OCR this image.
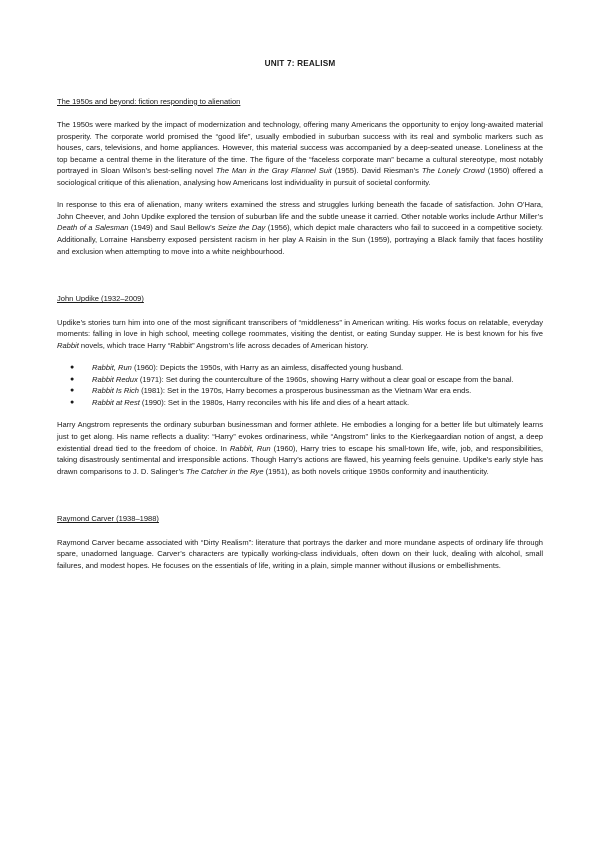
UNIT 7: REALISM
The 1950s and beyond: fiction responding to alienation

The 1950s were marked by the impact of modernization and technology, offering many Americans the opportunity to enjoy long-awaited material prosperity. The corporate world promised the “good life”, usually embodied in suburban success with its real and symbolic markers such as houses, cars, televisions, and home appliances. However, this material success was accompanied by a deep-seated unease. Loneliness at the top became a central theme in the literature of the time. The figure of the “faceless corporate man” became a cultural stereotype, most notably portrayed in Sloan Wilson’s best-selling novel The Man in the Gray Flannel Suit (1955). David Riesman’s The Lonely Crowd (1950) offered a sociological critique of this alienation, analysing how Americans lost individuality in pursuit of societal conformity.

In response to this era of alienation, many writers examined the stress and struggles lurking beneath the facade of satisfaction. John O’Hara, John Cheever, and John Updike explored the tension of suburban life and the subtle unease it carried. Other notable works include Arthur Miller’s Death of a Salesman (1949) and Saul Bellow’s Seize the Day (1956), which depict male characters who fail to succeed in a competitive society. Additionally, Lorraine Hansberry exposed persistent racism in her play A Raisin in the Sun (1959), portraying a Black family that faces hostility and exclusion when attempting to move into a white neighbourhood.

John Updike (1932–2009)

Updike’s stories turn him into one of the most significant transcribers of “middleness” in American writing. His works focus on relatable, everyday moments: falling in love in high school, meeting college roommates, visiting the dentist, or eating Sunday supper. He is best known for his five Rabbit novels, which trace Harry “Rabbit” Angstrom’s life across decades of American history.

● Rabbit, Run (1960): Depicts the 1950s, with Harry as an aimless, disaffected young husband.
● Rabbit Redux (1971): Set during the counterculture of the 1960s, showing Harry without a clear goal or escape from the banal.
● Rabbit Is Rich (1981): Set in the 1970s, Harry becomes a prosperous businessman as the Vietnam War era ends.
● Rabbit at Rest (1990): Set in the 1980s, Harry reconciles with his life and dies of a heart attack.

Harry Angstrom represents the ordinary suburban businessman and former athlete. He embodies a longing for a better life but ultimately learns just to get along. His name reflects a duality: “Harry” evokes ordinariness, while “Angstrom” links to the Kierkegaardian notion of angst, a deep existential dread tied to the freedom of choice. In Rabbit, Run (1960), Harry tries to escape his small-town life, wife, job, and responsibilities, taking disastrously sentimental and irresponsible actions. Though Harry’s actions are flawed, his yearning feels genuine. Updike’s early style has drawn comparisons to J. D. Salinger’s The Catcher in the Rye (1951), as both novels critique 1950s conformity and inauthenticity.

Raymond Carver (1938–1988)

Raymond Carver became associated with “Dirty Realism”: literature that portrays the darker and more mundane aspects of ordinary life through spare, unadorned language. Carver’s characters are typically working-class individuals, often down on their luck, dealing with alcohol, small failures, and modest hopes. He focuses on the essentials of life, writing in a plain, simple manner without illusions or embellishments.
